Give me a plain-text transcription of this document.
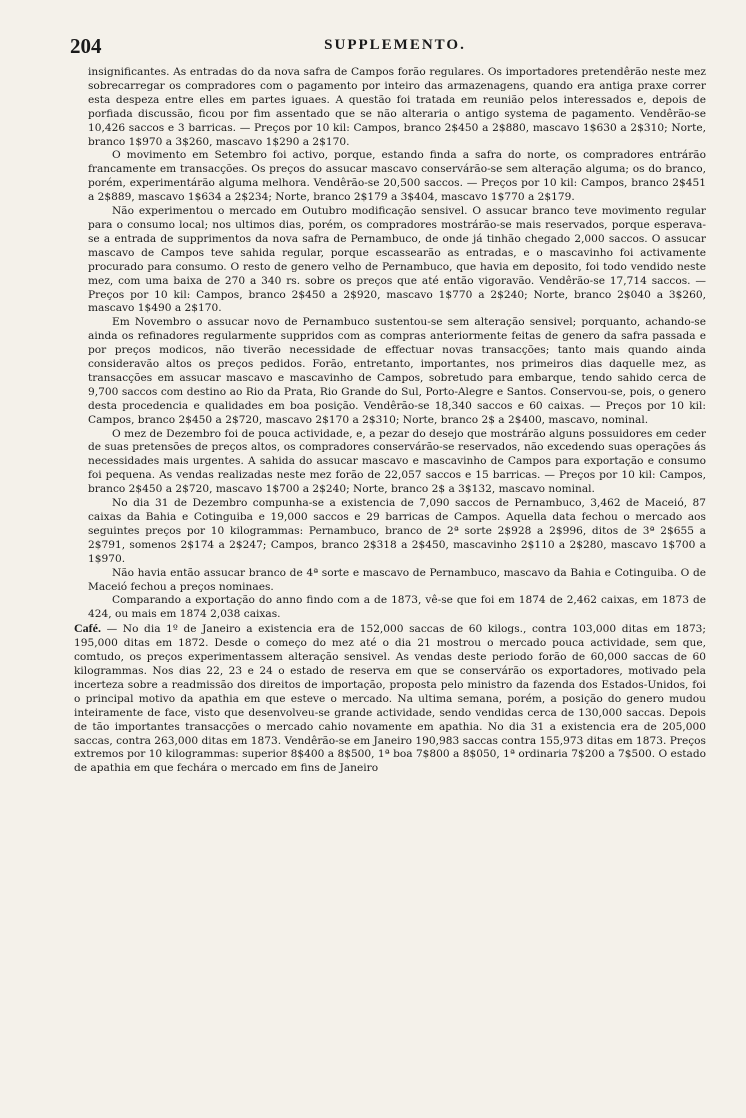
204	SUPPLEMENTO.

insignificantes. As entradas do da nova safra de Campos forão regulares. Os importadores pretendêrão neste mez sobrecarregar os compradores com o pagamento por inteiro das armazenagens, quando era antiga praxe correr esta despeza entre elles em partes iguaes. A questão foi tratada em reunião pelos interessados e, depois de porfiada discussão, ficou por fim assentado que se não alteraria o antigo systema de pagamento. Vendêrão-se 10,426 saccos e 3 barricas. — Preços por 10 kil: Campos, branco 2$450 a 2$880, mascavo 1$630 a 2$310; Norte, branco 1$970 a 3$260, mascavo 1$290 a 2$170.

O movimento em Setembro foi activo, porque, estando finda a safra do norte, os compradores entrárão francamente em transacções. Os preços do assucar mascavo conservárão-se sem alteração alguma; os do branco, porém, experimentárão alguma melhora. Vendêrão-se 20,500 saccos. — Preços por 10 kil: Campos, branco 2$451 a 2$889, mascavo 1$634 a 2$234; Norte, branco 2$179 a 3$404, mascavo 1$770 a 2$179.

Não experimentou o mercado em Outubro modificação sensivel. O assucar branco teve movimento regular para o consumo local; nos ultimos dias, porém, os compradores mostrárão-se mais reservados, porque esperava-se a entrada de supprimentos da nova safra de Pernambuco, de onde já tinhão chegado 2,000 saccos. O assucar mascavo de Campos teve sahida regular, porque escassearão as entradas, e o mascavinho foi activamente procurado para consumo. O resto de genero velho de Pernambuco, que havia em deposito, foi todo vendido neste mez, com uma baixa de 270 a 340 rs. sobre os preços que até então vigoravão. Vendêrão-se 17,714 saccos. — Preços por 10 kil: Campos, branco 2$450 a 2$920, mascavo 1$770 a 2$240; Norte, branco 2$040 a 3$260, mascavo 1$490 a 2$170.

Em Novembro o assucar novo de Pernambuco sustentou-se sem alteração sensivel; porquanto, achando-se ainda os refinadores regularmente suppridos com as compras anteriormente feitas de genero da safra passada e por preços modicos, não tiverão necessidade de effectuar novas transacções; tanto mais quando ainda consideravão altos os preços pedidos. Forão, entretanto, importantes, nos primeiros dias daquelle mez, as transacções em assucar mascavo e mascavinho de Campos, sobretudo para embarque, tendo sahido cerca de 9,700 saccos com destino ao Rio da Prata, Rio Grande do Sul, Porto-Alegre e Santos. Conservou-se, pois, o genero desta procedencia e qualidades em boa posição. Vendêrão-se 18,340 saccos e 60 caixas. — Preços por 10 kil: Campos, branco 2$450 a 2$720, mascavo 2$170 a 2$310; Norte, branco 2$ a 2$400, mascavo, nominal.

O mez de Dezembro foi de pouca actividade, e, a pezar do desejo que mostrárão alguns possuidores em ceder de suas pretensões de preços altos, os compradores conservárão-se reservados, não excedendo suas operações ás necessidades mais urgentes. A sahida do assucar mascavo e mascavinho de Campos para exportação e consumo foi pequena. As vendas realizadas neste mez forão de 22,057 saccos e 15 barricas. — Preços por 10 kil: Campos, branco 2$450 a 2$720, mascavo 1$700 a 2$240; Norte, branco 2$ a 3$132, mascavo nominal.

No dia 31 de Dezembro compunha-se a existencia de 7,090 saccos de Pernambuco, 3,462 de Maceió, 87 caixas da Bahia e Cotinguiba e 19,000 saccos e 29 barricas de Campos. Aquella data fechou o mercado aos seguintes preços por 10 kilogrammas: Pernambuco, branco de 2ª sorte 2$928 a 2$996, ditos de 3ª 2$655 a 2$791, somenos 2$174 a 2$247; Campos, branco 2$318 a 2$450, mascavinho 2$110 a 2$280, mascavo 1$700 a 1$970.

Não havia então assucar branco de 4ª sorte e mascavo de Pernambuco, mascavo da Bahia e Cotinguiba. O de Maceió fechou a preços nominaes.

Comparando a exportação do anno findo com a de 1873, vê-se que foi em 1874 de 2,462 caixas, em 1873 de 424, ou mais em 1874 2,038 caixas.

Café. — No dia 1º de Janeiro a existencia era de 152,000 saccas de 60 kilogs., contra 103,000 ditas em 1873; 195,000 ditas em 1872. Desde o começo do mez até o dia 21 mostrou o mercado pouca actividade, sem que, comtudo, os preços experimentassem alteração sensivel. As vendas deste periodo forão de 60,000 saccas de 60 kilogrammas. Nos dias 22, 23 e 24 o estado de reserva em que se conservárão os exportadores, motivado pela incerteza sobre a readmissão dos direitos de importação, proposta pelo ministro da fazenda dos Estados-Unidos, foi o principal motivo da apathia em que esteve o mercado. Na ultima semana, porém, a posição do genero mudou inteiramente de face, visto que desenvolveu-se grande actividade, sendo vendidas cerca de 130,000 saccas. Depois de tão importantes transacções o mercado cahio novamente em apathia. No dia 31 a existencia era de 205,000 saccas, contra 263,000 ditas em 1873. Vendêrão-se em Janeiro 190,983 saccas contra 155,973 ditas em 1873. Preços extremos por 10 kilogrammas: superior 8$400 a 8$500, 1ª boa 7$800 a 8$050, 1ª ordinaria 7$200 a 7$500. O estado de apathia em que fechára o mercado em fins de Janeiro
